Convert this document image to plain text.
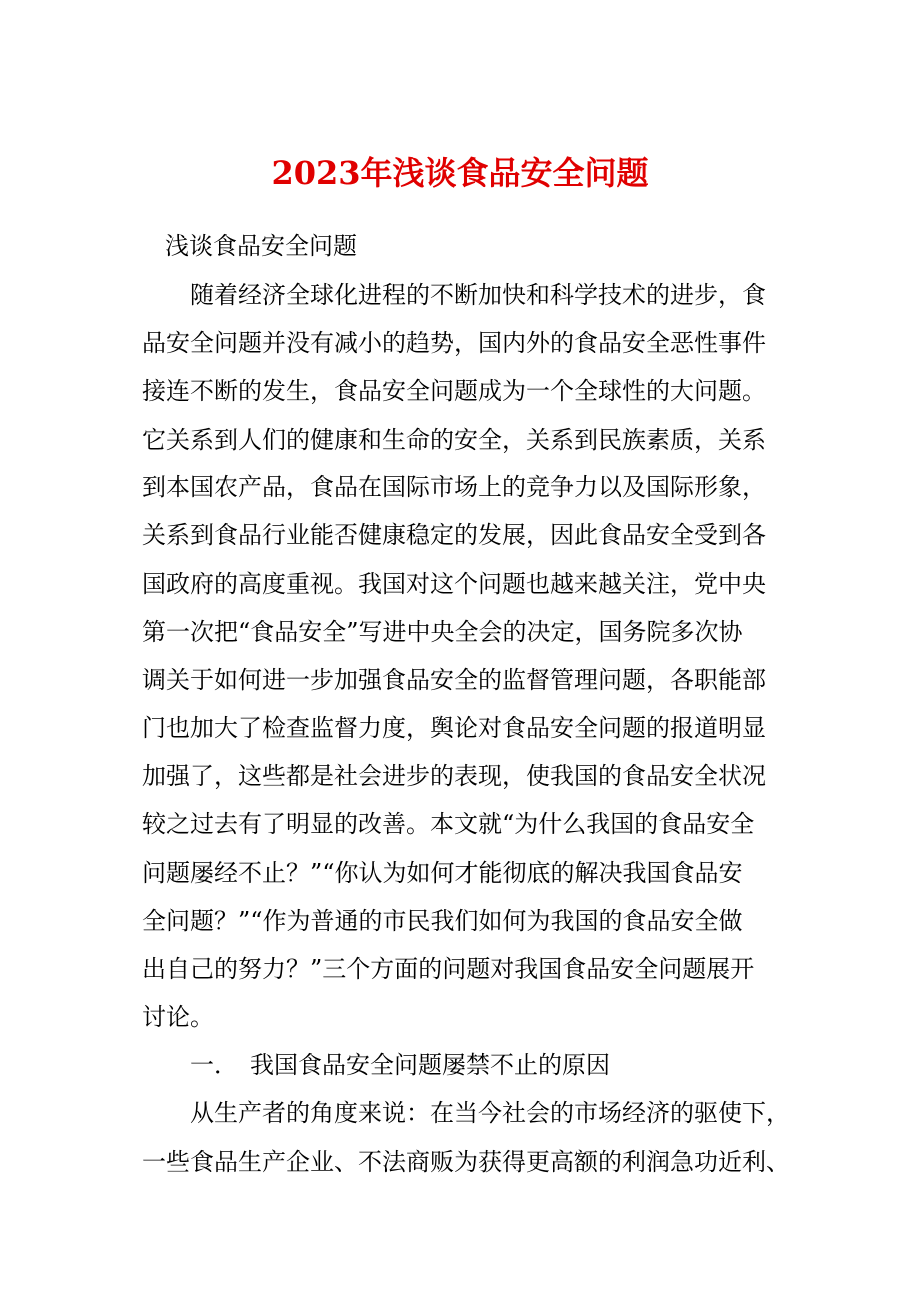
2023年浅谈食品安全问题
浅谈食品安全问题
随着经济全球化进程的不断加快和科学技术的进步，食
品安全问题并没有减小的趋势，国内外的食品安全恶性事件
接连不断的发生，食品安全问题成为一个全球性的大问题。
它关系到人们的健康和生命的安全，关系到民族素质，关系
到本国农产品，食品在国际市场上的竞争力以及国际形象，
关系到食品行业能否健康稳定的发展，因此食品安全受到各
国政府的高度重视。我国对这个问题也越来越关注，党中央
第一次把“食品安全”写进中央全会的决定，国务院多次协
调关于如何进一步加强食品安全的监督管理问题，各职能部
门也加大了检查监督力度，舆论对食品安全问题的报道明显
加强了，这些都是社会进步的表现，使我国的食品安全状况
较之过去有了明显的改善。本文就“为什么我国的食品安全
问题屡经不止？”“你认为如何才能彻底的解决我国食品安
全问题？”“作为普通的市民我们如何为我国的食品安全做
出自己的努力？”三个方面的问题对我国食品安全问题展开
讨论。
一．　我国食品安全问题屡禁不止的原因
从生产者的角度来说：在当今社会的市场经济的驱使下，
一些食品生产企业、不法商贩为获得更高额的利润急功近利、
